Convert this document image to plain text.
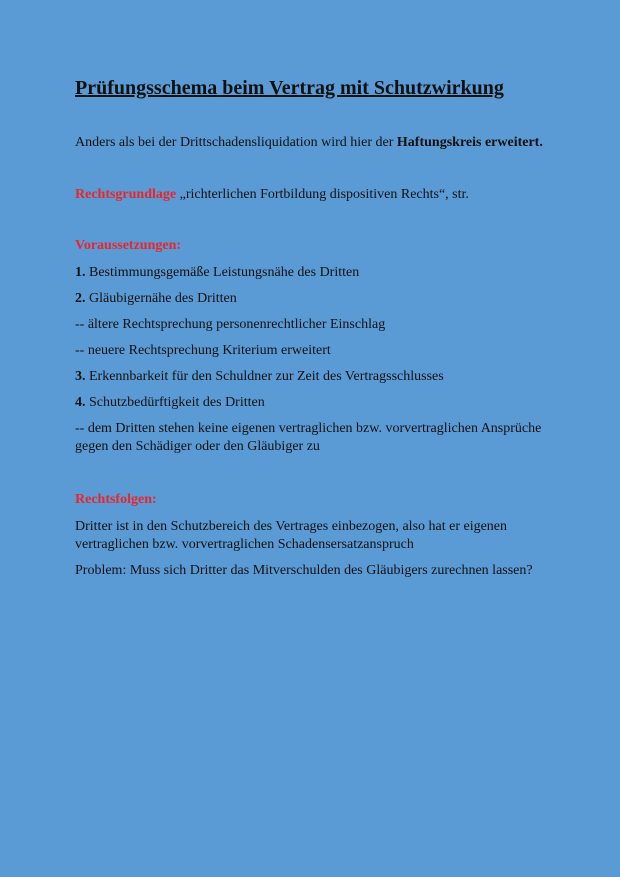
Prüfungsschema beim Vertrag mit Schutzwirkung

Anders als bei der Drittschadensliquidation wird hier der Haftungskreis erweitert.

Rechtsgrundlage „richterlichen Fortbildung dispositiven Rechts“, str.

Voraussetzungen:

1. Bestimmungsgemäße Leistungsnähe des Dritten

2. Gläubigernähe des Dritten

-- ältere Rechtsprechung personenrechtlicher Einschlag

-- neuere Rechtsprechung Kriterium erweitert

3. Erkennbarkeit für den Schuldner zur Zeit des Vertragsschlusses

4. Schutzbedürftigkeit des Dritten

-- dem Dritten stehen keine eigenen vertraglichen bzw. vorvertraglichen Ansprüche gegen den Schädiger oder den Gläubiger zu

Rechtsfolgen:

Dritter ist in den Schutzbereich des Vertrages einbezogen, also hat er eigenen vertraglichen bzw. vorvertraglichen Schadensersatzanspruch

Problem: Muss sich Dritter das Mitverschulden des Gläubigers zurechnen lassen?
